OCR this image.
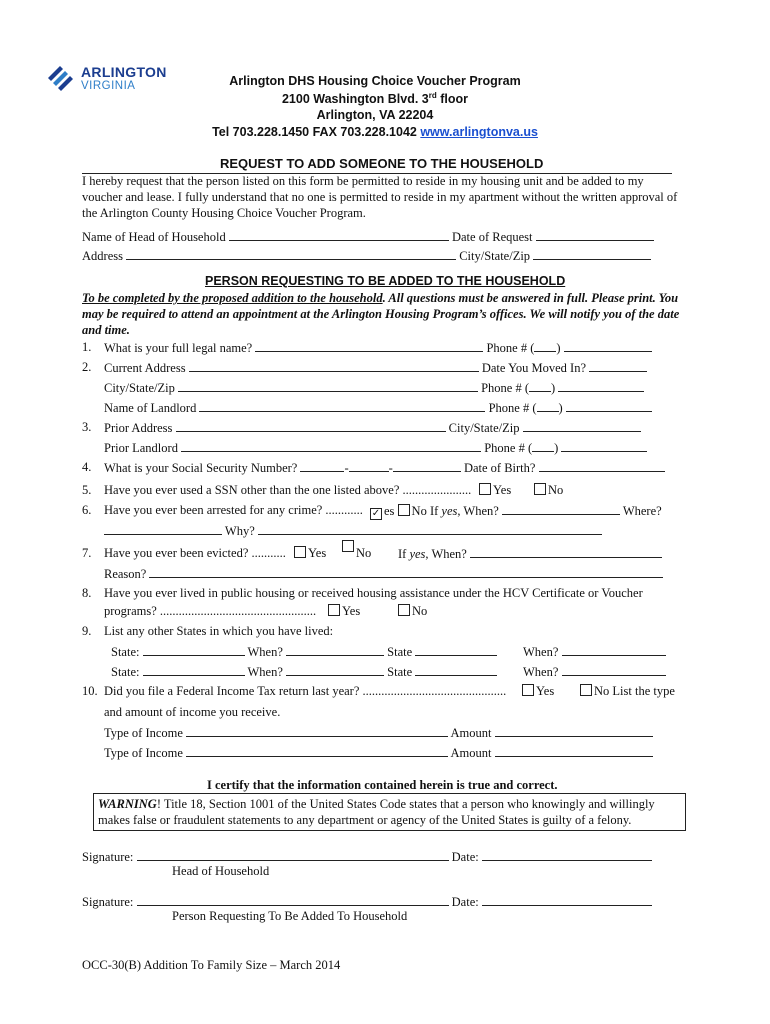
ARLINGTON
VIRGINIA	Arlington DHS Housing Choice Voucher Program
2100 Washington Blvd. 3rd floor
Arlington, VA 22204
Tel 703.228.1450 FAX 703.228.1042 www.arlingtonva.us
REQUEST TO ADD SOMEONE TO THE HOUSEHOLD
I hereby request that the person listed on this form be permitted to reside in my housing unit and be added to my voucher and lease. I fully understand that no one is permitted to reside in my apartment without the written approval of the Arlington County Housing Choice Voucher Program.
Name of Head of Household	Date of Request
Address	City/State/Zip
PERSON REQUESTING TO BE ADDED TO THE HOUSEHOLD
To be completed by the proposed addition to the household. All questions must be answered in full. Please print. You may be required to attend an appointment at the Arlington Housing Program’s offices. We will notify you of the date and time.
1. What is your full legal name?	Phone # ( )
2. Current Address	Date You Moved In?
City/State/Zip	Phone # ( )
Name of Landlord	Phone # ( )
3. Prior Address	City/State/Zip
Prior Landlord	Phone # ( )
4. What is your Social Security Number?	-	-	Date of Birth?
5. Have you ever used a SSN other than the one listed above? ......................	Yes	No
6. Have you ever been arrested for any crime? ............ ✓ es No If yes, When?	Where?
Why?
7. Have you ever been evicted? ...........	Yes No If yes, When?
Reason?
8. Have you ever lived in public housing or received housing assistance under the HCV Certificate or Voucher
programs? ..................................................	Yes	No
9. List any other States in which you have lived:
State:	When?	State	When?
State:	When?	State	When?
10. Did you file a Federal Income Tax return last year? ..............................................	Yes	No List the type
and amount of income you receive.
Type of Income	Amount
Type of Income	Amount
I certify that the information contained herein is true and correct.
WARNING! Title 18, Section 1001 of the United States Code states that a person who knowingly and willingly makes false or fraudulent statements to any department or agency of the United States is guilty of a felony.
Signature:	Date:
Head of Household
Signature:	Date:
Person Requesting To Be Added To Household
OCC-30(B) Addition To Family Size – March 2014
